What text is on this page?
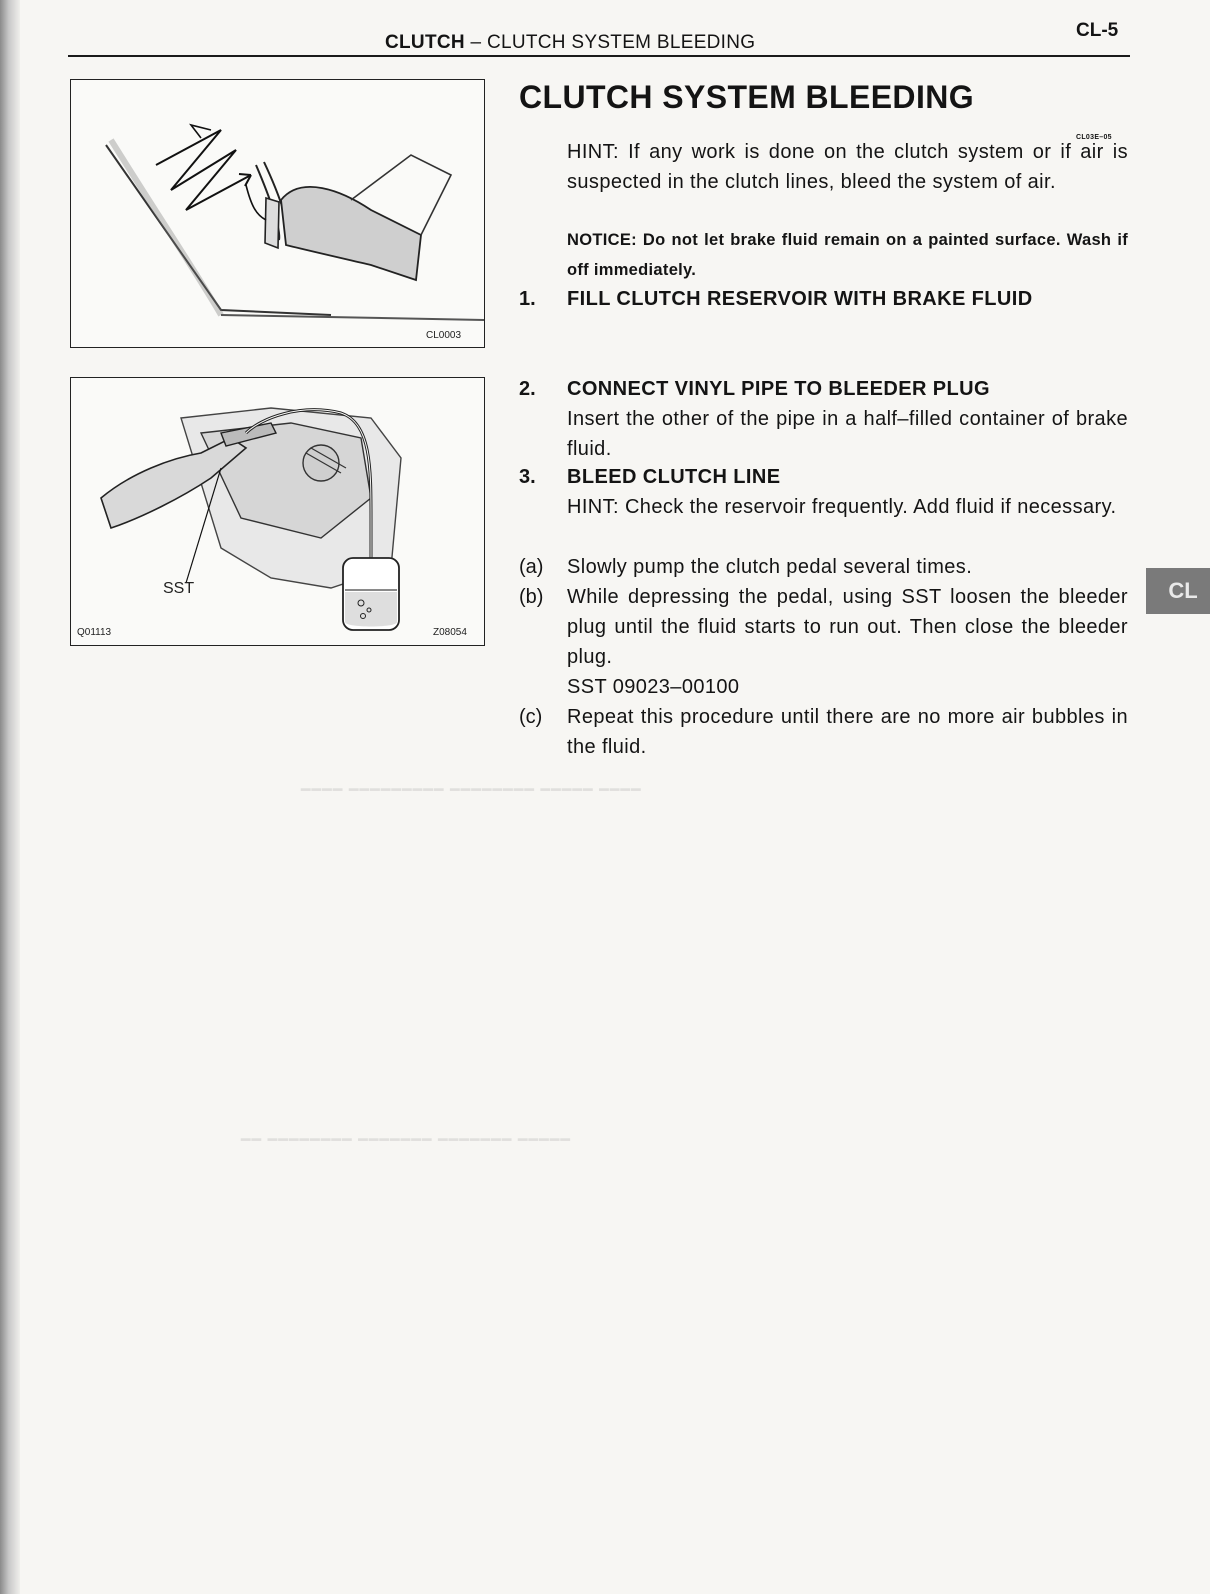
CLUTCH – CLUTCH SYSTEM BLEEDING
CL-5
━━━━ ━━━━━ ━━━━━━━━ ━━━━━━━━━ ━━━━
━━━━━ ━━━━━━━ ━━━━━━━ ━━━━━━━━ ━━
CL0003
SST
Q01113	Z08054
CLUTCH SYSTEM BLEEDING
CL03E–05
HINT: If any work is done on the clutch system or if air is suspected in the clutch lines, bleed the system of air.
NOTICE: Do not let brake fluid remain on a painted surface. Wash if off immediately.
1. FILL CLUTCH RESERVOIR WITH BRAKE FLUID
2. CONNECT VINYL PIPE TO BLEEDER PLUG
Insert the other of the pipe in a half–filled container of brake fluid.
3. BLEED CLUTCH LINE
HINT: Check the reservoir frequently. Add fluid if necessary.
(a) Slowly pump the clutch pedal several times.
(b) While depressing the pedal, using SST loosen the bleeder plug until the fluid starts to run out. Then close the bleeder plug.
SST 09023–00100
(c) Repeat this procedure until there are no more air bubbles in the fluid.
CL
